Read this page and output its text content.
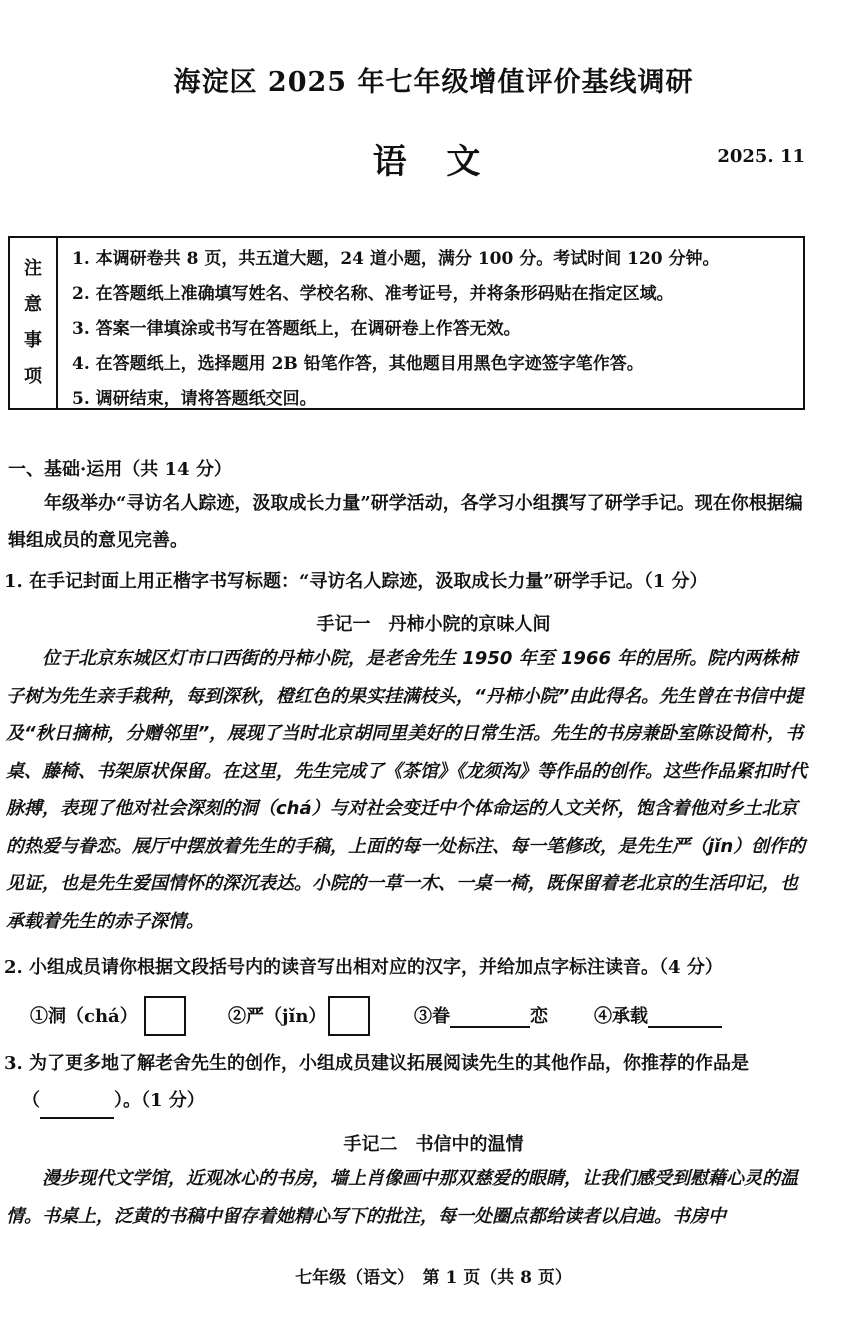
海淀区 2025 年七年级增值评价基线调研
语 文	2025. 11
注
意
事
项
1. 本调研卷共 8 页，共五道大题，24 道小题，满分 100 分。考试时间 120 分钟。
2. 在答题纸上准确填写姓名、学校名称、准考证号，并将条形码贴在指定区域。
3. 答案一律填涂或书写在答题纸上，在调研卷上作答无效。
4. 在答题纸上，选择题用 2B 铅笔作答，其他题目用黑色字迹签字笔作答。
5. 调研结束，请将答题纸交回。
一、基础·运用（共 14 分）
年级举办“寻访名人踪迹，汲取成长力量”研学活动，各学习小组撰写了研学手记。现在你根据编辑组成员的意见完善。
1. 在手记封面上用正楷字书写标题：“寻访名人踪迹，汲取成长力量”研学手记。（1 分）
手记一　丹柿小院的京味人间
位于北京东城区灯市口西街的丹柿小院，是老舍先生 1950 年至 1966 年的居所。院内两株柿子树为先生亲手栽种，每到深秋，橙红色的果实挂满枝头，“丹柿小院”由此得名。先生曾在书信中提及“秋日摘柿，分赠邻里”，展现了当时北京胡同里美好的日常生活。先生的书房兼卧室陈设简朴，书桌、藤椅、书架原状保留。在这里，先生完成了《茶馆》《龙须沟》等作品的创作。这些作品紧扣时代脉搏，表现了他对社会深刻的洞（chá）与对社会变迁中个体命运的人文关怀，饱含着他对乡土北京的热爱与眷恋。展厅中摆放着先生的手稿，上面的每一处标注、每一笔修改，是先生严（jǐn）创作的见证，也是先生爱国情怀的深沉表达。小院的一草一木、一桌一椅，既保留着老北京的生活印记，也承载着先生的赤子深情。
2. 小组成员请你根据文段括号内的读音写出相对应的汉字，并给加点字标注读音。（4 分）
①洞（chá）	②严（jǐn）	③眷	恋	④承载
3. 为了更多地了解老舍先生的创作，小组成员建议拓展阅读先生的其他作品，你推荐的作品是
（	）。（1 分）
手记二　书信中的温情
漫步现代文学馆，近观冰心的书房，墙上肖像画中那双慈爱的眼睛，让我们感受到慰藉心灵的温情。书桌上，泛黄的书稿中留存着她精心写下的批注，每一处圈点都给读者以启迪。书房中
七年级（语文）　第 1 页（共 8 页）
